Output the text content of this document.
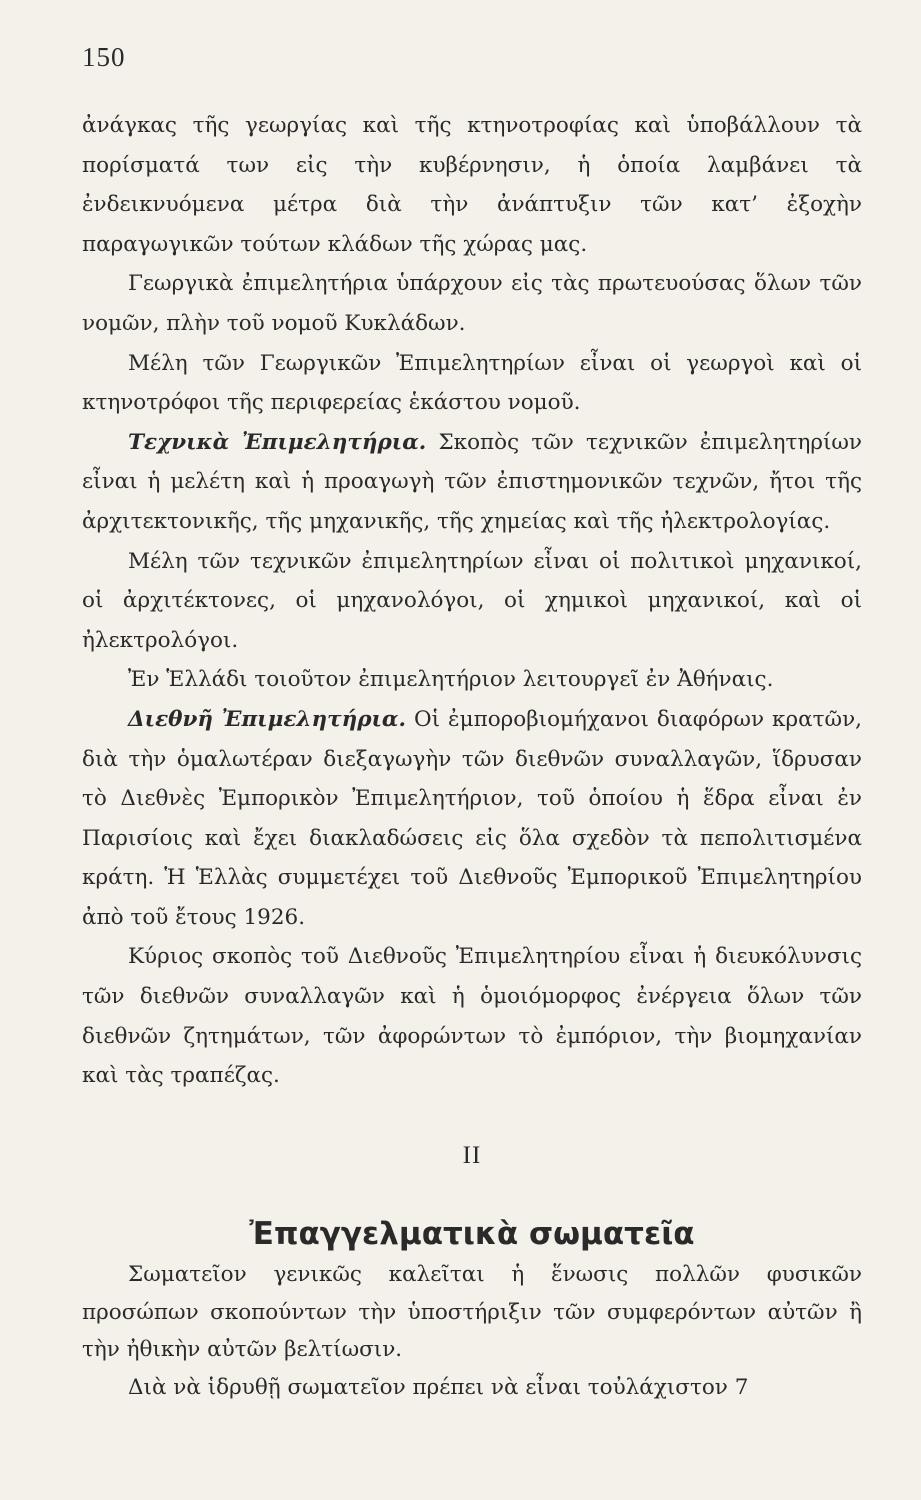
150

ἀνάγκας τῆς γεωργίας καὶ τῆς κτηνοτροφίας καὶ ὑποβάλλουν τὰ πορίσματά των εἰς τὴν κυβέρνησιν, ἡ ὁποία λαμβάνει τὰ ἐνδεικνυόμενα μέτρα διὰ τὴν ἀνάπτυξιν τῶν κατ’ ἐξοχὴν παραγωγικῶν τούτων κλάδων τῆς χώρας μας.

Γεωργικὰ ἐπιμελητήρια ὑπάρχουν εἰς τὰς πρωτευούσας ὅλων τῶν νομῶν, πλὴν τοῦ νομοῦ Κυκλάδων.

Μέλη τῶν Γεωργικῶν Ἐπιμελητηρίων εἶναι οἱ γεωργοὶ καὶ οἱ κτηνοτρόφοι τῆς περιφερείας ἑκάστου νομοῦ.

Τεχνικὰ Ἐπιμελητήρια. Σκοπὸς τῶν τεχνικῶν ἐπιμελητηρίων εἶναι ἡ μελέτη καὶ ἡ προαγωγὴ τῶν ἐπιστημονικῶν τεχνῶν, ἤτοι τῆς ἀρχιτεκτονικῆς, τῆς μηχανικῆς, τῆς χημείας καὶ τῆς ἠλεκτρολογίας.

Μέλη τῶν τεχνικῶν ἐπιμελητηρίων εἶναι οἱ πολιτικοὶ μηχανικοί, οἱ ἀρχιτέκτονες, οἱ μηχανολόγοι, οἱ χημικοὶ μηχανικοί, καὶ οἱ ἠλεκτρολόγοι.

Ἐν Ἑλλάδι τοιοῦτον ἐπιμελητήριον λειτουργεῖ ἐν Ἀθήναις.

Διεθνῆ Ἐπιμελητήρια. Οἱ ἐμποροβιομήχανοι διαφόρων κρατῶν, διὰ τὴν ὁμαλωτέραν διεξαγωγὴν τῶν διεθνῶν συναλλαγῶν, ἵδρυσαν τὸ Διεθνὲς Ἐμπορικὸν Ἐπιμελητήριον, τοῦ ὁποίου ἡ ἕδρα εἶναι ἐν Παρισίοις καὶ ἔχει διακλαδώσεις εἰς ὅλα σχεδὸν τὰ πεπολιτισμένα κράτη. Ἡ Ἑλλὰς συμμετέχει τοῦ Διεθνοῦς Ἐμπορικοῦ Ἐπιμελητηρίου ἀπὸ τοῦ ἔτους 1926.

Κύριος σκοπὸς τοῦ Διεθνοῦς Ἐπιμελητηρίου εἶναι ἡ διευκόλυνσις τῶν διεθνῶν συναλλαγῶν καὶ ἡ ὁμοιόμορφος ἐνέργεια ὅλων τῶν διεθνῶν ζητημάτων, τῶν ἀφορώντων τὸ ἐμπόριον, τὴν βιομηχανίαν καὶ τὰς τραπέζας.

II
Ἐπαγγελματικὰ σωματεῖα

Σωματεῖον γενικῶς καλεῖται ἡ ἕνωσις πολλῶν φυσικῶν προσώπων σκοπούντων τὴν ὑποστήριξιν τῶν συμφερόντων αὐτῶν ἢ τὴν ἠθικὴν αὐτῶν βελτίωσιν.

Διὰ νὰ ἱδρυθῇ σωματεῖον πρέπει νὰ εἶναι τοὐλάχιστον 7
